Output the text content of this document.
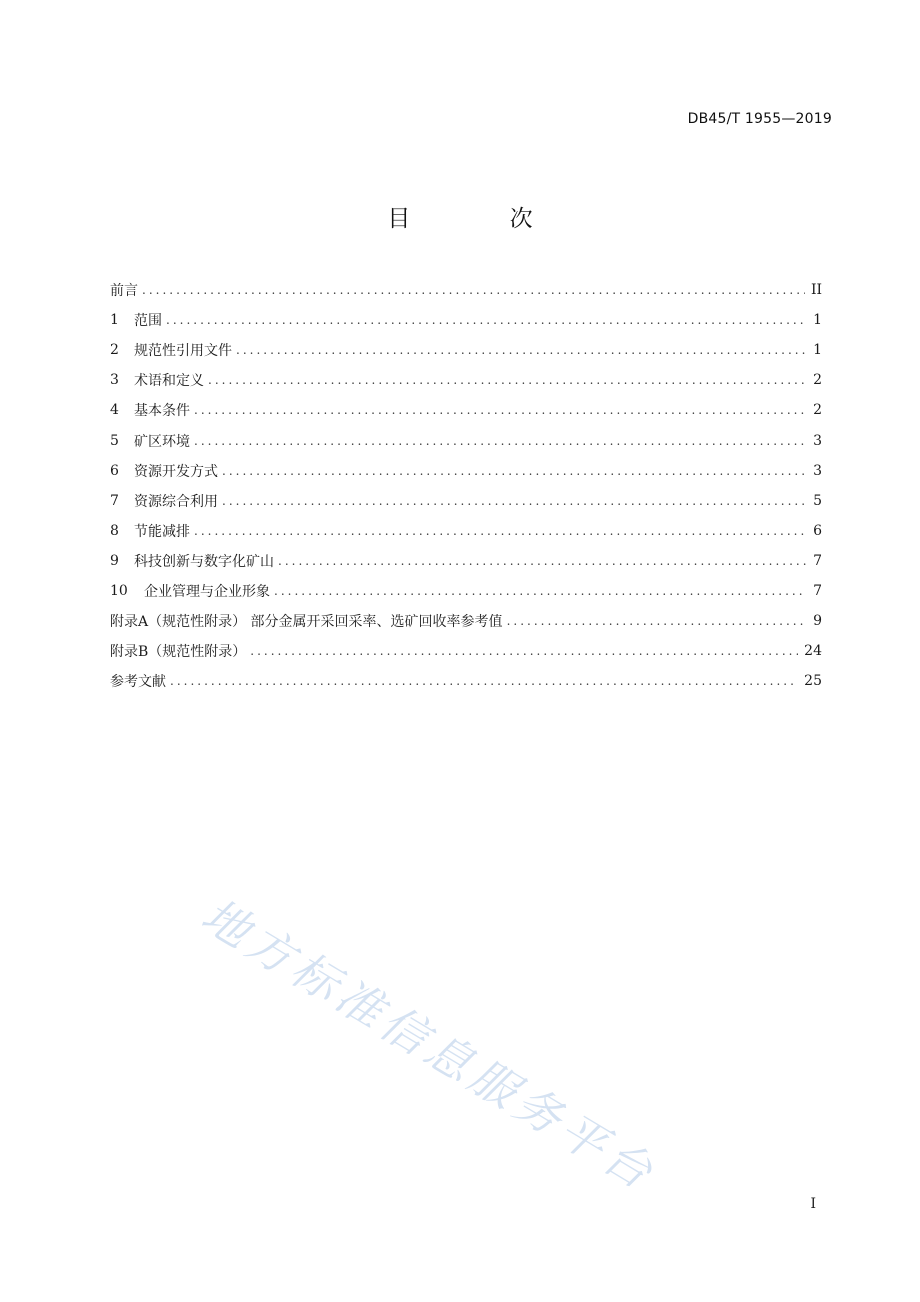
DB45/T 1955—2019
目 次
前言 .....	II
1	范围 .....	1
2	规范性引用文件 .....	1
3	术语和定义 .....	2
4	基本条件 .....	2
5	矿区环境 .....	3
6	资源开发方式 .....	3
7	资源综合利用 .....	5
8	节能减排 .....	6
9	科技创新与数字化矿山 .....	7
10	企业管理与企业形象 .....	7
附录A（规范性附录） 部分金属开采回采率、选矿回收率参考值 .....	9
附录B（规范性附录） .....	24
参考文献 .....	25
地方标准信息服务平台
I
